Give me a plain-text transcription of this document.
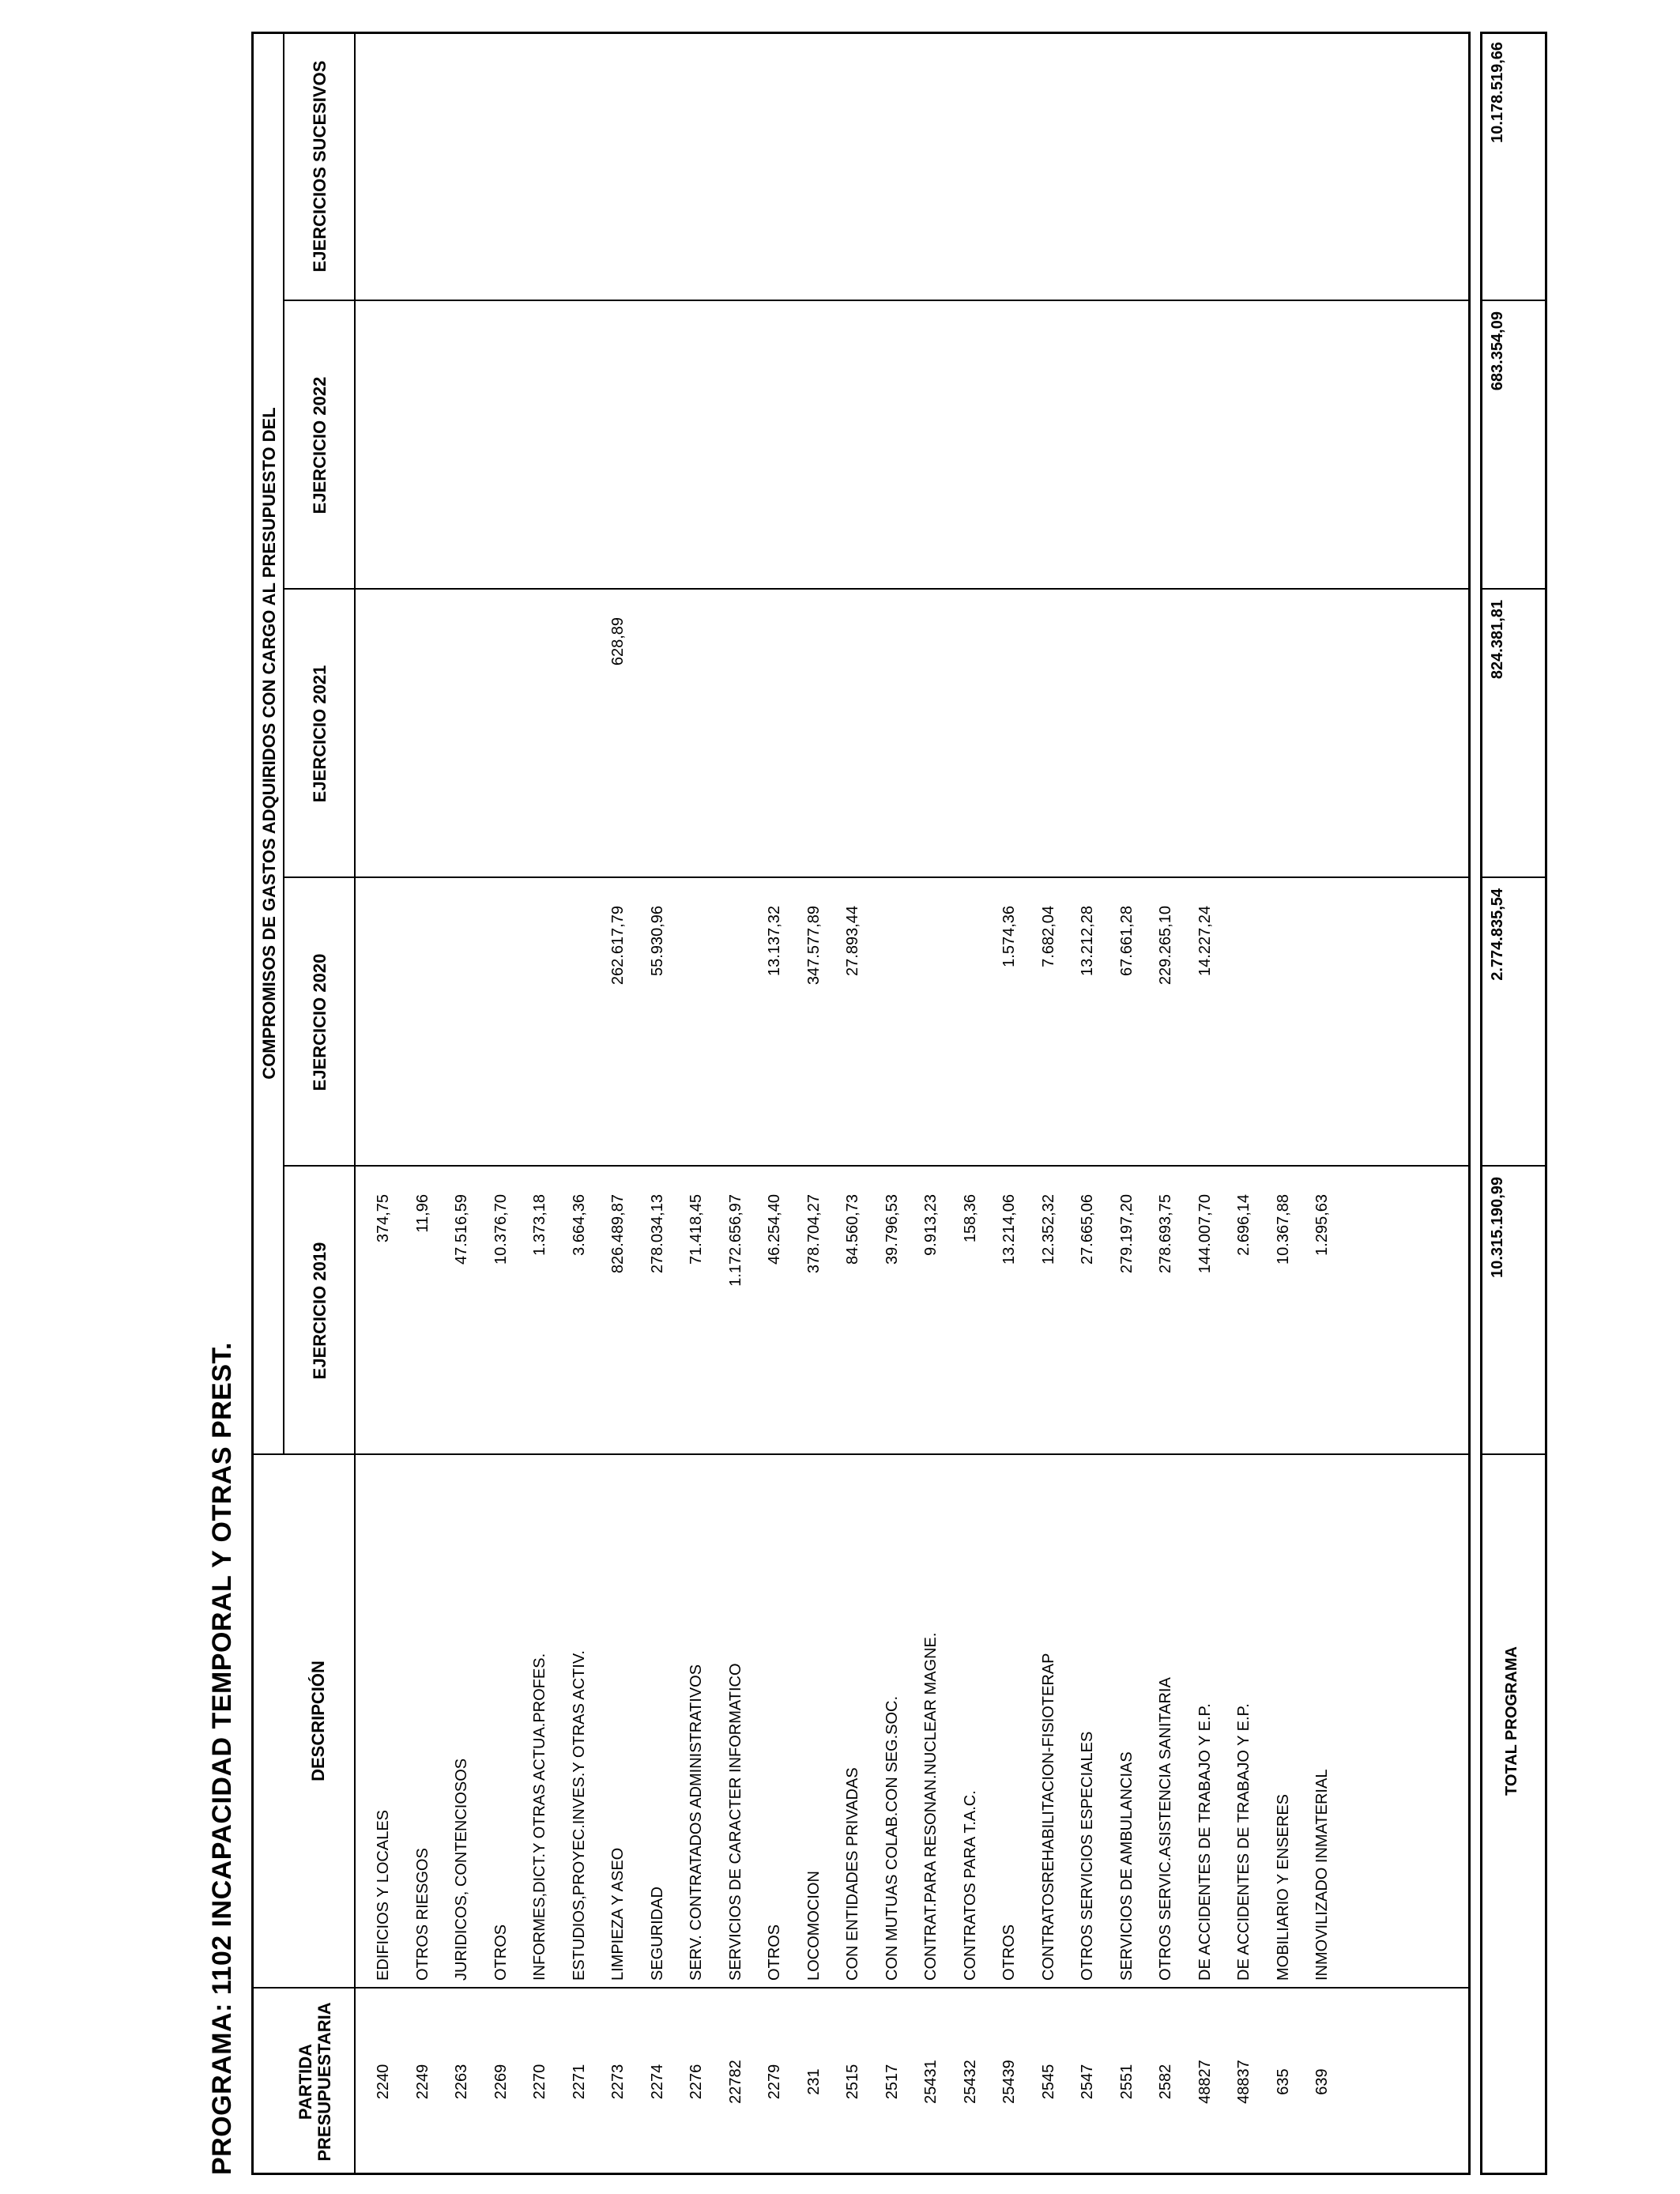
PROGRAMA: 1102 INCAPACIDAD TEMPORAL Y OTRAS PREST.	PARTIDA PRESUPUESTARIA
DESCRIPCIÓN
COMPROMISOS DE GASTOS ADQUIRIDOS CON CARGO AL PRESUPUESTO DEL
EJERCICIO 2019
EJERCICIO 2020
EJERCICIO 2021
EJERCICIO 2022
EJERCICIOS SUCESIVOS
2240
EDIFICIOS Y LOCALES
374,75
2249
OTROS RIESGOS
11,96
2263
JURIDICOS, CONTENCIOSOS
47.516,59
2269
OTROS
10.376,70
2270
INFORMES,DICT.Y OTRAS ACTUA.PROFES.
1.373,18
2271
ESTUDIOS,PROYEC.INVES.Y OTRAS ACTIV.
3.664,36
2273
LIMPIEZA Y ASEO
826.489,87
262.617,79
628,89
2274
SEGURIDAD
278.034,13
55.930,96
2276
SERV. CONTRATADOS ADMINISTRATIVOS
71.418,45
22782
SERVICIOS DE CARACTER INFORMATICO
1.172.656,97
2279
OTROS
46.254,40
13.137,32
231
LOCOMOCION
378.704,27
347.577,89
2515
CON ENTIDADES PRIVADAS
84.560,73
27.893,44
2517
CON MUTUAS COLAB.CON SEG.SOC.
39.796,53
25431
CONTRAT.PARA RESONAN.NUCLEAR MAGNE.
9.913,23
25432
CONTRATOS PARA T.A.C.
158,36
25439
OTROS
13.214,06
1.574,36
2545
CONTRATOSREHABILITACION-FISIOTERAP
12.352,32
7.682,04
2547
OTROS SERVICIOS ESPECIALES
27.665,06
13.212,28
2551
SERVICIOS DE AMBULANCIAS
279.197,20
67.661,28
2582
OTROS SERVIC.ASISTENCIA SANITARIA
278.693,75
229.265,10
48827
DE ACCIDENTES DE TRABAJO Y E.P.
144.007,70
14.227,24
48837
DE ACCIDENTES DE TRABAJO Y E.P.
2.696,14
635
MOBILIARIO Y ENSERES
10.367,88
639
INMOVILIZADO INMATERIAL
1.295,63
TOTAL PROGRAMA
10.315.190,99
2.774.835,54
824.381,81
683.354,09
10.178.519,66
